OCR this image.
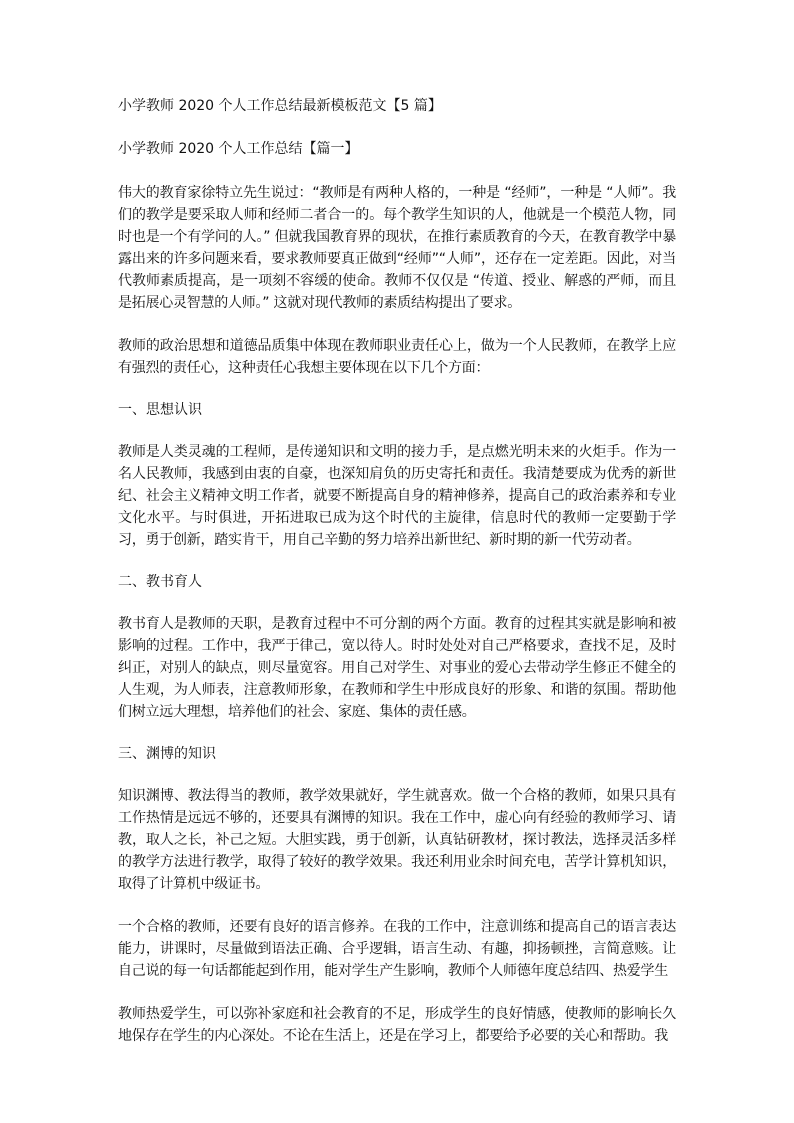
小学教师 2020 个人工作总结最新模板范文【5 篇】

小学教师 2020 个人工作总结【篇一】

伟大的教育家徐特立先生说过：“教师是有两种人格的，一种是 “经师”，一种是 “人师”。我们的教学是要采取人师和经师二者合一的。每个教学生知识的人，他就是一个模范人物，同时也是一个有学问的人。” 但就我国教育界的现状，在推行素质教育的今天，在教育教学中暴露出来的许多问题来看，要求教师要真正做到“经师”“人师”，还存在一定差距。因此，对当代教师素质提高，是一项刻不容缓的使命。教师不仅仅是 “传道、授业、解惑的严师，而且是拓展心灵智慧的人师。” 这就对现代教师的素质结构提出了要求。

教师的政治思想和道德品质集中体现在教师职业责任心上，做为一个人民教师，在教学上应有强烈的责任心，这种责任心我想主要体现在以下几个方面：

一、思想认识

教师是人类灵魂的工程师，是传递知识和文明的接力手，是点燃光明未来的火炬手。作为一名人民教师，我感到由衷的自豪，也深知肩负的历史寄托和责任。我清楚要成为优秀的新世纪、社会主义精神文明工作者，就要不断提高自身的精神修养，提高自己的政治素养和专业文化水平。与时俱进，开拓进取已成为这个时代的主旋律，信息时代的教师一定要勤于学习，勇于创新，踏实肯干，用自己辛勤的努力培养出新世纪、新时期的新一代劳动者。

二、教书育人

教书育人是教师的天职，是教育过程中不可分割的两个方面。教育的过程其实就是影响和被影响的过程。工作中，我严于律己，宽以待人。时时处处对自己严格要求，查找不足，及时纠正，对别人的缺点，则尽量宽容。用自己对学生、对事业的爱心去带动学生修正不健全的人生观，为人师表，注意教师形象，在教师和学生中形成良好的形象、和谐的氛围。帮助他们树立远大理想，培养他们的社会、家庭、集体的责任感。

三、渊博的知识

知识渊博、教法得当的教师，教学效果就好，学生就喜欢。做一个合格的教师，如果只具有工作热情是远远不够的，还要具有渊博的知识。我在工作中，虚心向有经验的教师学习、请教，取人之长，补己之短。大胆实践，勇于创新，认真钻研教材，探讨教法，选择灵活多样的教学方法进行教学，取得了较好的教学效果。我还利用业余时间充电，苦学计算机知识，取得了计算机中级证书。

一个合格的教师，还要有良好的语言修养。在我的工作中，注意训练和提高自己的语言表达能力，讲课时，尽量做到语法正确、合乎逻辑，语言生动、有趣，抑扬顿挫，言简意赅。让自己说的每一句话都能起到作用，能对学生产生影响，教师个人师德年度总结四、热爱学生

教师热爱学生，可以弥补家庭和社会教育的不足，形成学生的良好情感，使教师的影响长久地保存在学生的内心深处。不论在生活上，还是在学习上，都要给予必要的关心和帮助。我
